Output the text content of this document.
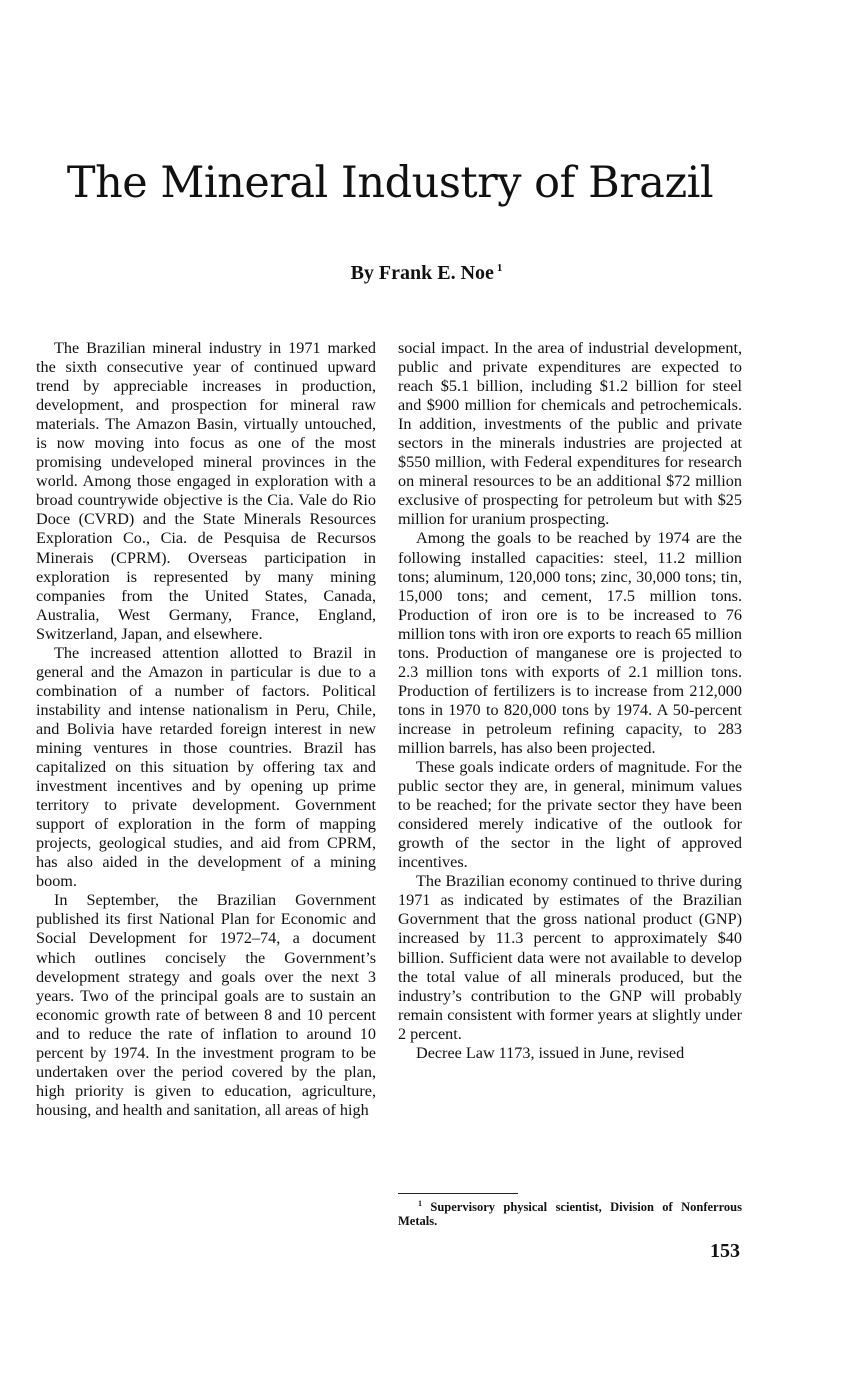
The Mineral Industry of Brazil
By Frank E. Noe $^1$

The Brazilian mineral industry in 1971 marked the sixth consecutive year of continued upward trend by appreciable increases in production, development, and prospection for mineral raw materials. The Amazon Basin, virtually untouched, is now moving into focus as one of the most promising undeveloped mineral provinces in the world. Among those engaged in exploration with a broad countrywide objective is the Cia. Vale do Rio Doce (CVRD) and the State Minerals Resources Exploration Co., Cia. de Pesquisa de Recursos Minerais (CPRM). Overseas participation in exploration is represented by many mining companies from the United States, Canada, Australia, West Germany, France, England, Switzerland, Japan, and elsewhere.

The increased attention allotted to Brazil in general and the Amazon in particular is due to a combination of a number of factors. Political instability and intense nationalism in Peru, Chile, and Bolivia have retarded foreign interest in new mining ventures in those countries. Brazil has capitalized on this situation by offering tax and investment incentives and by opening up prime territory to private development. Government support of exploration in the form of mapping projects, geological studies, and aid from CPRM, has also aided in the development of a mining boom.

In September, the Brazilian Government published its first National Plan for Economic and Social Development for 1972–74, a document which outlines concisely the Government’s development strategy and goals over the next 3 years. Two of the principal goals are to sustain an economic growth rate of between 8 and 10 percent and to reduce the rate of inflation to around 10 percent by 1974. In the investment program to be undertaken over the period covered by the plan, high priority is given to education, agriculture, housing, and health and sanitation, all areas of high

social impact. In the area of industrial development, public and private expenditures are expected to reach $5.1 billion, including $1.2 billion for steel and $900 million for chemicals and petrochemicals. In addition, investments of the public and private sectors in the minerals industries are projected at $550 million, with Federal expenditures for research on mineral resources to be an additional $72 million exclusive of prospecting for petroleum but with $25 million for uranium prospecting.

Among the goals to be reached by 1974 are the following installed capacities: steel, 11.2 million tons; aluminum, 120,000 tons; zinc, 30,000 tons; tin, 15,000 tons; and cement, 17.5 million tons. Production of iron ore is to be increased to 76 million tons with iron ore exports to reach 65 million tons. Production of manganese ore is projected to 2.3 million tons with exports of 2.1 million tons. Production of fertilizers is to increase from 212,000 tons in 1970 to 820,000 tons by 1974. A 50-percent increase in petroleum refining capacity, to 283 million barrels, has also been projected.

These goals indicate orders of magnitude. For the public sector they are, in general, minimum values to be reached; for the private sector they have been considered merely indicative of the outlook for growth of the sector in the light of approved incentives.

The Brazilian economy continued to thrive during 1971 as indicated by estimates of the Brazilian Government that the gross national product (GNP) increased by 11.3 percent to approximately $40 billion. Sufficient data were not available to develop the total value of all minerals produced, but the industry’s contribution to the GNP will probably remain consistent with former years at slightly under 2 percent.

Decree Law 1173, issued in June, revised

$^1$ Supervisory physical scientist, Division of Nonferrous Metals.
153
